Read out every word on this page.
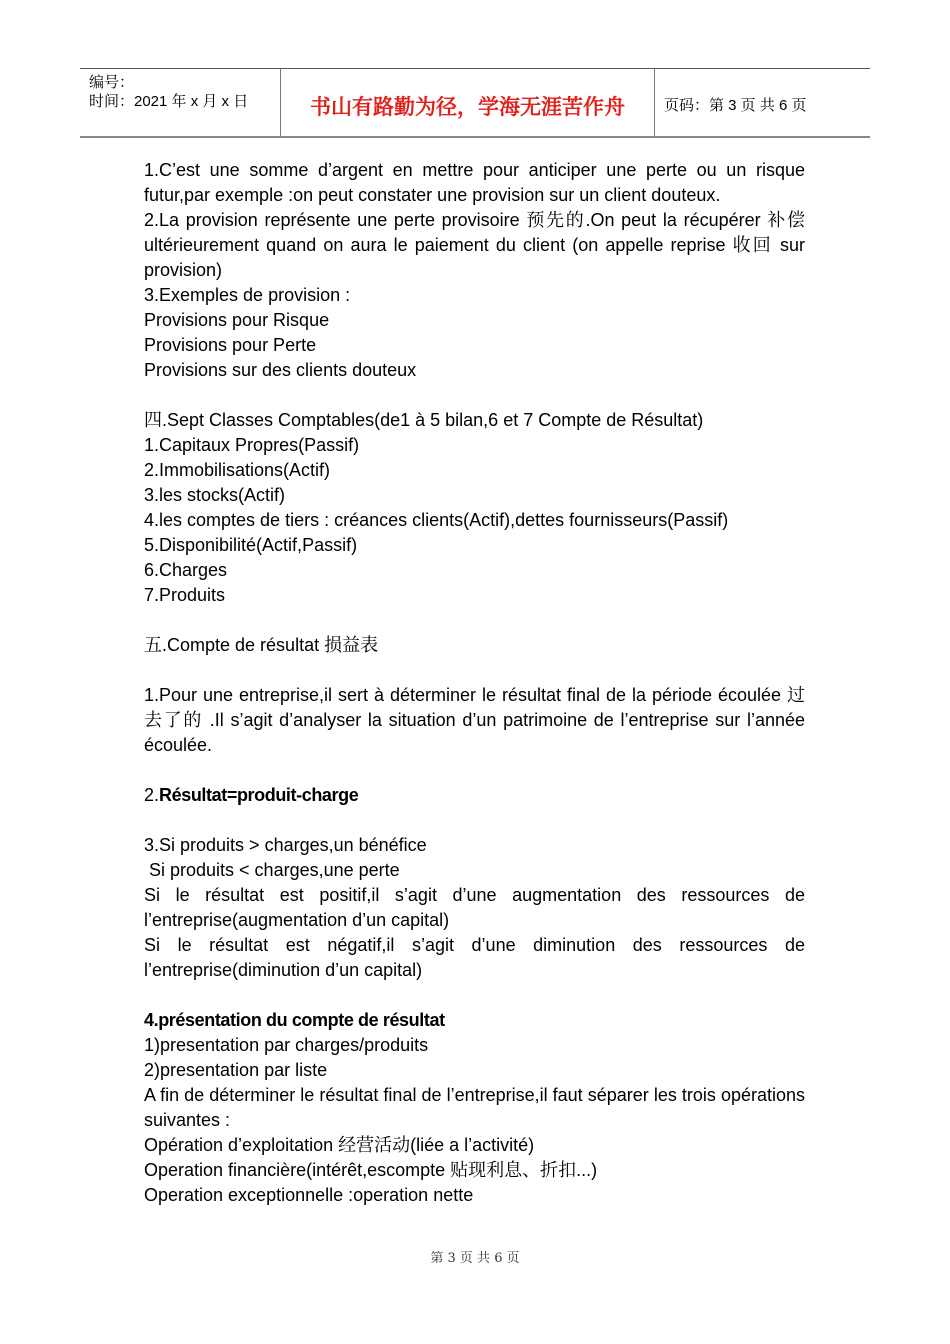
编号：
时间：2021 年 x 月 x 日	书山有路勤为径，学海无涯苦作舟	页码：第 3 页 共 6 页

1.C’est une somme d’argent en mettre pour anticiper une perte ou un risque futur,par exemple :on peut constater une provision sur un client douteux.

2.La provision représente une perte provisoire 预先的.On peut la récupérer 补偿 ultérieurement quand on aura le paiement du client (on appelle reprise 收回 sur provision)

3.Exemples de provision :

Provisions pour Risque

Provisions pour Perte

Provisions sur des clients douteux

四.Sept Classes Comptables(de1 à 5 bilan,6 et 7 Compte de Résultat)

1.Capitaux Propres(Passif)

2.Immobilisations(Actif)

3.les stocks(Actif)

4.les comptes de tiers : créances clients(Actif),dettes fournisseurs(Passif)

5.Disponibilité(Actif,Passif)

6.Charges

7.Produits

五.Compte de résultat 损益表

1.Pour une entreprise,il sert à déterminer le résultat final de la période écoulée 过去了的 .Il s’agit d’analyser la situation d’un patrimoine de l’entreprise sur l’année écoulée.

2.Résultat=produit-charge

3.Si produits > charges,un bénéfice

Si produits < charges,une perte

Si le résultat est positif,il s’agit d’une augmentation des ressources de l’entreprise(augmentation d’un capital)

Si le résultat est négatif,il s’agit d’une diminution des ressources de l’entreprise(diminution d’un capital)

4.présentation du compte de résultat

1)presentation par charges/produits

2)presentation par liste

A fin de déterminer le résultat final de l’entreprise,il faut séparer les trois opérations suivantes :

Opération d’exploitation 经营活动(liée a l’activité)

Operation financière(intérêt,escompte 贴现利息、折扣...)

Operation exceptionnelle :operation nette

第 3 页 共 6 页
